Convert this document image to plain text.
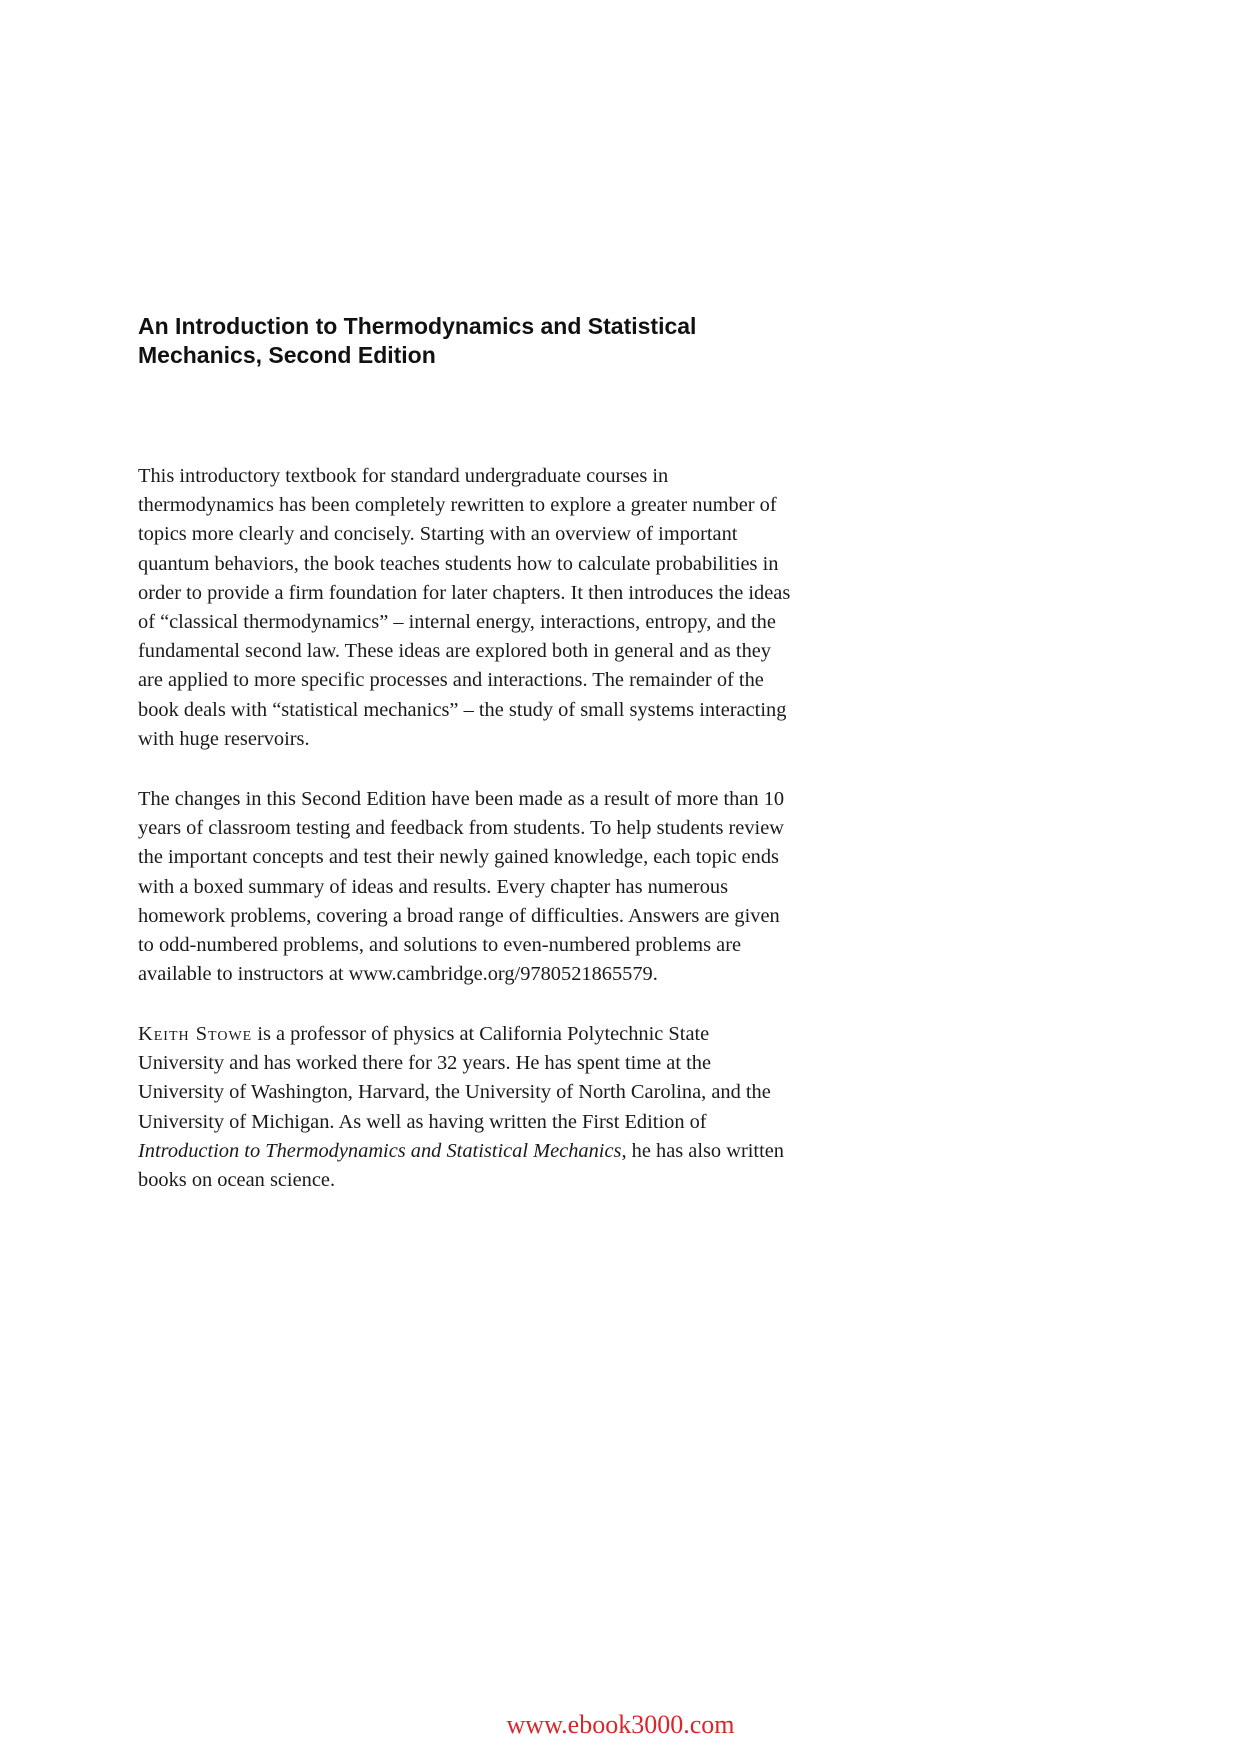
An Introduction to Thermodynamics and Statistical
Mechanics, Second Edition

This introductory textbook for standard undergraduate courses in
thermodynamics has been completely rewritten to explore a greater number of
topics more clearly and concisely. Starting with an overview of important
quantum behaviors, the book teaches students how to calculate probabilities in
order to provide a firm foundation for later chapters. It then introduces the ideas
of “classical thermodynamics” – internal energy, interactions, entropy, and the
fundamental second law. These ideas are explored both in general and as they
are applied to more specific processes and interactions. The remainder of the
book deals with “statistical mechanics” – the study of small systems interacting
with huge reservoirs.

The changes in this Second Edition have been made as a result of more than 10
years of classroom testing and feedback from students. To help students review
the important concepts and test their newly gained knowledge, each topic ends
with a boxed summary of ideas and results. Every chapter has numerous
homework problems, covering a broad range of difficulties. Answers are given
to odd-numbered problems, and solutions to even-numbered problems are
available to instructors at www.cambridge.org/9780521865579.

Keith Stowe is a professor of physics at California Polytechnic State
University and has worked there for 32 years. He has spent time at the
University of Washington, Harvard, the University of North Carolina, and the
University of Michigan. As well as having written the First Edition of
Introduction to Thermodynamics and Statistical Mechanics, he has also written
books on ocean science.

www.ebook3000.com
